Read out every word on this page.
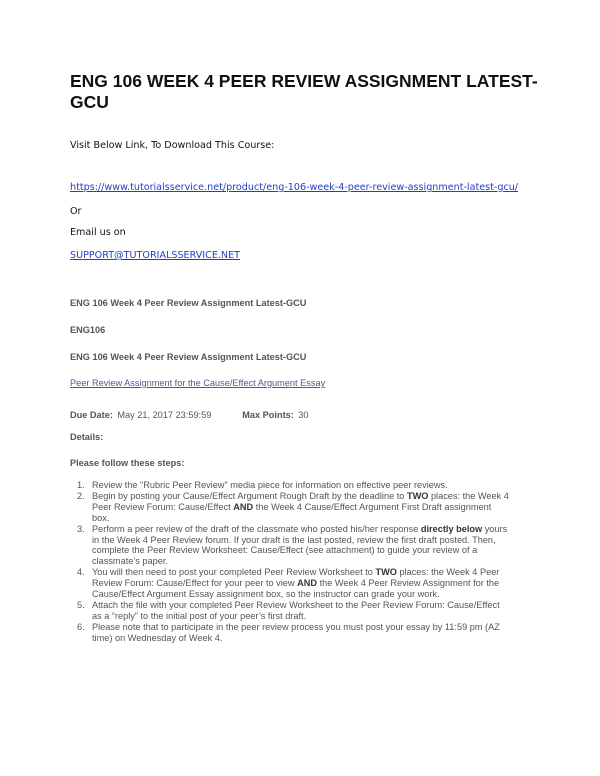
ENG 106 WEEK 4 PEER REVIEW ASSIGNMENT LATEST-GCU
Visit Below Link, To Download This Course:
https://www.tutorialsservice.net/product/eng-106-week-4-peer-review-assignment-latest-gcu/
Or
Email us on
SUPPORT@TUTORIALSSERVICE.NET
ENG 106 Week 4 Peer Review Assignment Latest-GCU
ENG106
ENG 106 Week 4 Peer Review Assignment Latest-GCU
Peer Review Assignment for the Cause/Effect Argument Essay
Due Date: May 21, 2017 23:59:59	Max Points: 30
Details:
Please follow these steps:
1. Review the "Rubric Peer Review" media piece for information on effective peer reviews.
2. Begin by posting your Cause/Effect Argument Rough Draft by the deadline to TWO places: the Week 4 Peer Review Forum: Cause/Effect AND the Week 4 Cause/Effect Argument First Draft assignment box.
3. Perform a peer review of the draft of the classmate who posted his/her response directly below yours in the Week 4 Peer Review forum. If your draft is the last posted, review the first draft posted. Then, complete the Peer Review Worksheet: Cause/Effect (see attachment) to guide your review of a classmate’s paper.
4. You will then need to post your completed Peer Review Worksheet to TWO places: the Week 4 Peer Review Forum: Cause/Effect for your peer to view AND the Week 4 Peer Review Assignment for the Cause/Effect Argument Essay assignment box, so the instructor can grade your work.
5. Attach the file with your completed Peer Review Worksheet to the Peer Review Forum: Cause/Effect as a “reply” to the initial post of your peer’s first draft.
6. Please note that to participate in the peer review process you must post your essay by 11:59 pm (AZ time) on Wednesday of Week 4.
